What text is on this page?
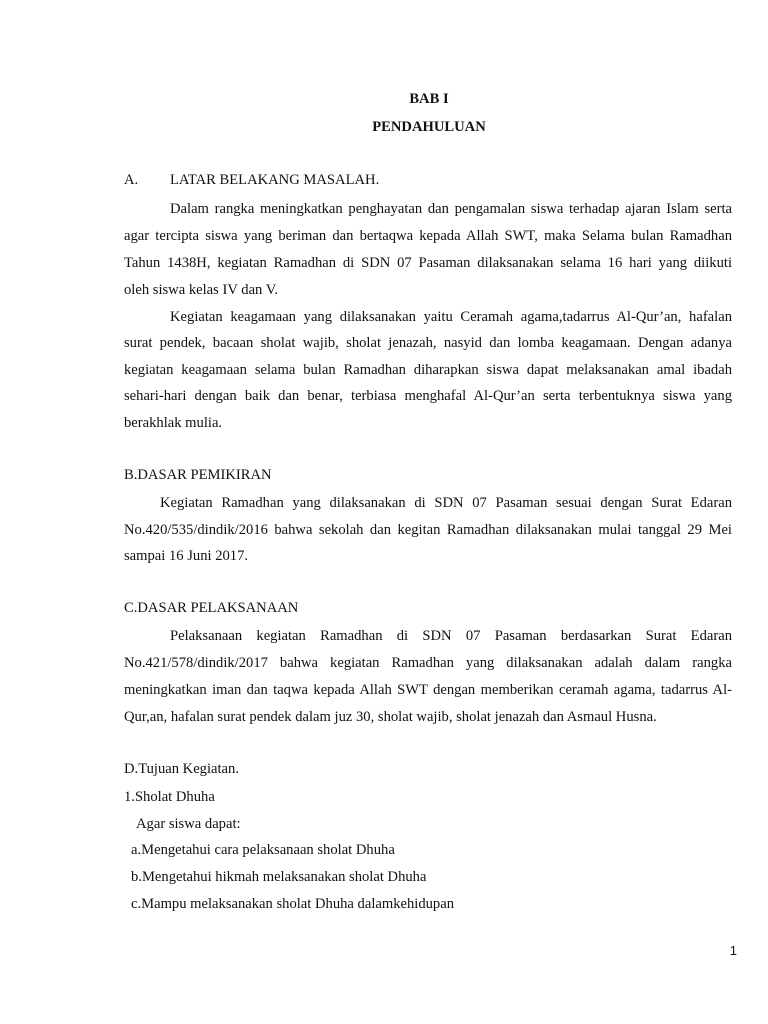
BAB I
PENDAHULUAN
A. LATAR BELAKANG MASALAH.
Dalam rangka meningkatkan penghayatan dan pengamalan siswa terhadap ajaran Islam serta
agar tercipta siswa yang beriman dan bertaqwa kepada Allah SWT, maka Selama bulan Ramadhan
Tahun 1438H, kegiatan Ramadhan di SDN 07 Pasaman dilaksanakan selama 16 hari yang diikuti
oleh siswa kelas IV dan V.
Kegiatan keagamaan yang dilaksanakan yaitu Ceramah agama,tadarrus Al-Qur’an, hafalan
surat pendek, bacaan sholat wajib, sholat jenazah, nasyid dan lomba keagamaan. Dengan adanya
kegiatan keagamaan selama bulan Ramadhan diharapkan siswa dapat melaksanakan amal ibadah
sehari-hari dengan baik dan benar, terbiasa menghafal Al-Qur’an serta terbentuknya siswa yang
berakhlak mulia.
B.DASAR PEMIKIRAN
Kegiatan Ramadhan yang dilaksanakan di SDN 07 Pasaman sesuai dengan Surat Edaran
No.420/535/dindik/2016 bahwa sekolah dan kegitan Ramadhan dilaksanakan mulai tanggal 29 Mei
sampai 16 Juni 2017.
C.DASAR PELAKSANAAN
Pelaksanaan kegiatan Ramadhan di SDN 07 Pasaman berdasarkan Surat Edaran
No.421/578/dindik/2017 bahwa kegiatan Ramadhan yang dilaksanakan adalah dalam rangka
meningkatkan iman dan taqwa kepada Allah SWT dengan memberikan ceramah agama, tadarrus Al-
Qur,an, hafalan surat pendek dalam juz 30, sholat wajib, sholat jenazah dan Asmaul Husna.
D.Tujuan Kegiatan.
1.Sholat Dhuha
Agar siswa dapat:
a.Mengetahui cara pelaksanaan sholat Dhuha
b.Mengetahui hikmah melaksanakan sholat Dhuha
c.Mampu melaksanakan sholat Dhuha dalamkehidupan
1
